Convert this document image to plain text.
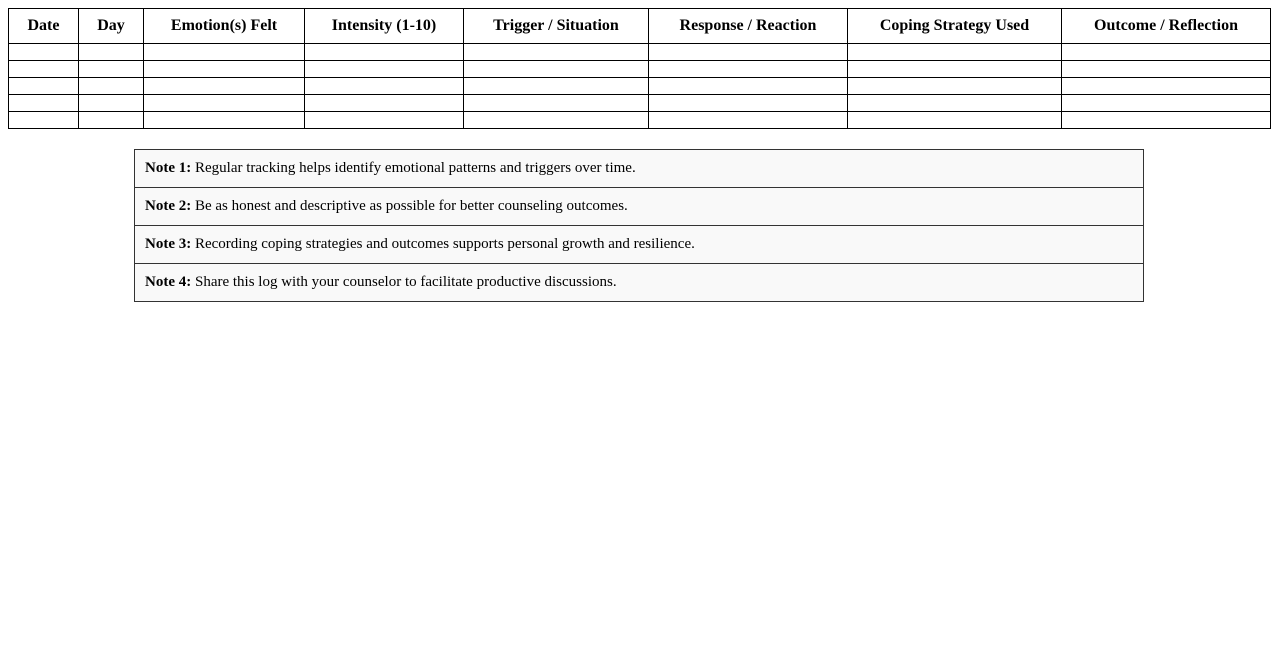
Date	Day	Emotion(s) Felt	Intensity (1-10)	Trigger / Situation	Response / Reaction	Coping Strategy Used	Outcome / Reflection

Note 1: Regular tracking helps identify emotional patterns and triggers over time.
Note 2: Be as honest and descriptive as possible for better counseling outcomes.
Note 3: Recording coping strategies and outcomes supports personal growth and resilience.
Note 4: Share this log with your counselor to facilitate productive discussions.
